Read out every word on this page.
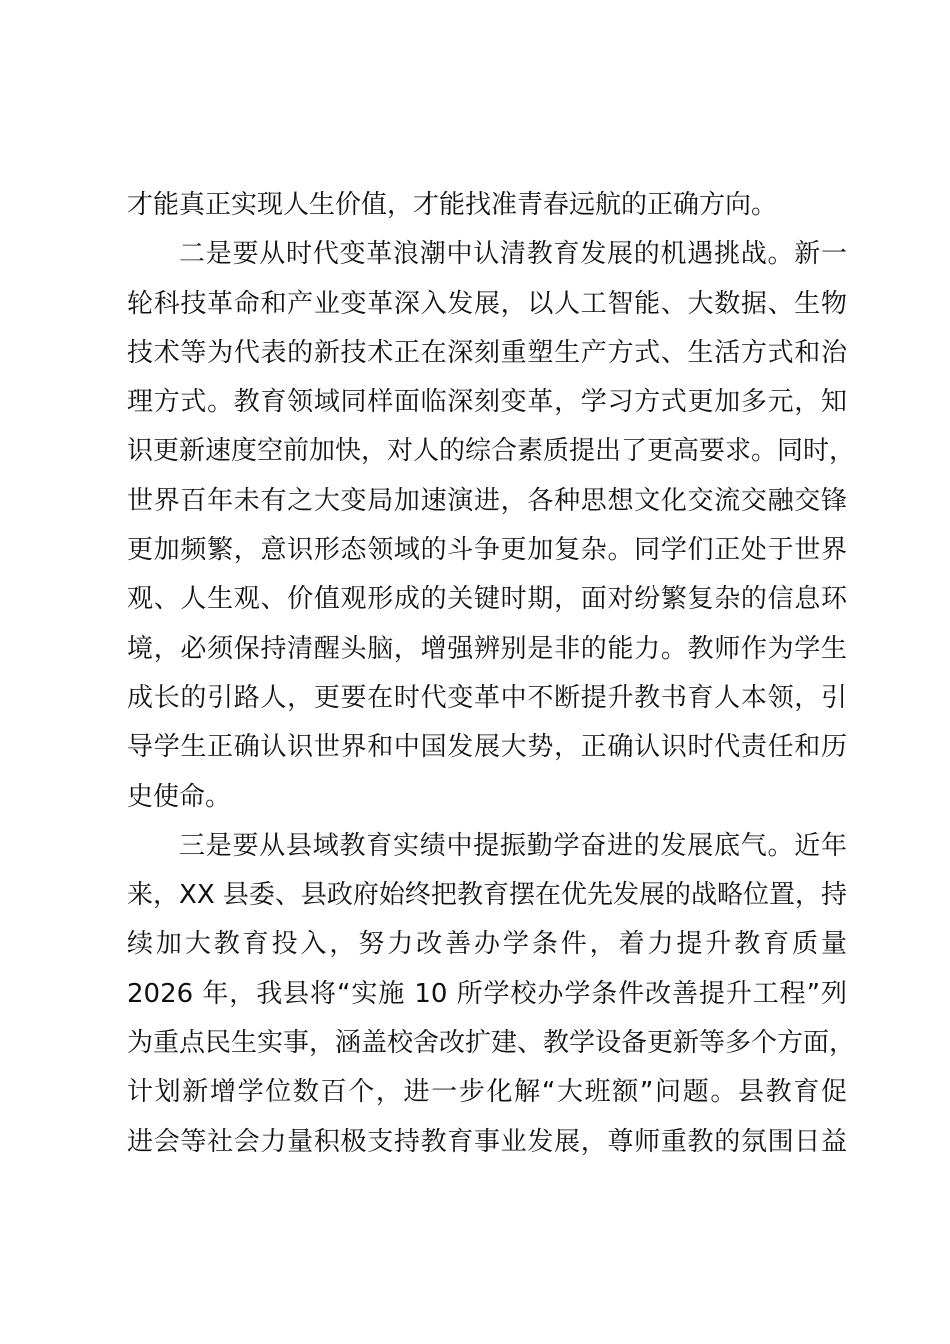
才能真正实现人生价值，才能找准青春远航的正确方向。
二是要从时代变革浪潮中认清教育发展的机遇挑战。新一
轮科技革命和产业变革深入发展，以人工智能、大数据、生物
技术等为代表的新技术正在深刻重塑生产方式、生活方式和治
理方式。教育领域同样面临深刻变革，学习方式更加多元，知
识更新速度空前加快，对人的综合素质提出了更高要求。同时，
世界百年未有之大变局加速演进，各种思想文化交流交融交锋
更加频繁，意识形态领域的斗争更加复杂。同学们正处于世界
观、人生观、价值观形成的关键时期，面对纷繁复杂的信息环
境，必须保持清醒头脑，增强辨别是非的能力。教师作为学生
成长的引路人，更要在时代变革中不断提升教书育人本领，引
导学生正确认识世界和中国发展大势，正确认识时代责任和历
史使命。
三是要从县域教育实绩中提振勤学奋进的发展底气。近年
来，XX 县委、县政府始终把教育摆在优先发展的战略位置，持
续加大教育投入，努力改善办学条件，着力提升教育质量
2026 年，我县将“实施 10 所学校办学条件改善提升工程”列
为重点民生实事，涵盖校舍改扩建、教学设备更新等多个方面，
计划新增学位数百个，进一步化解“大班额”问题。县教育促
进会等社会力量积极支持教育事业发展，尊师重教的氛围日益
